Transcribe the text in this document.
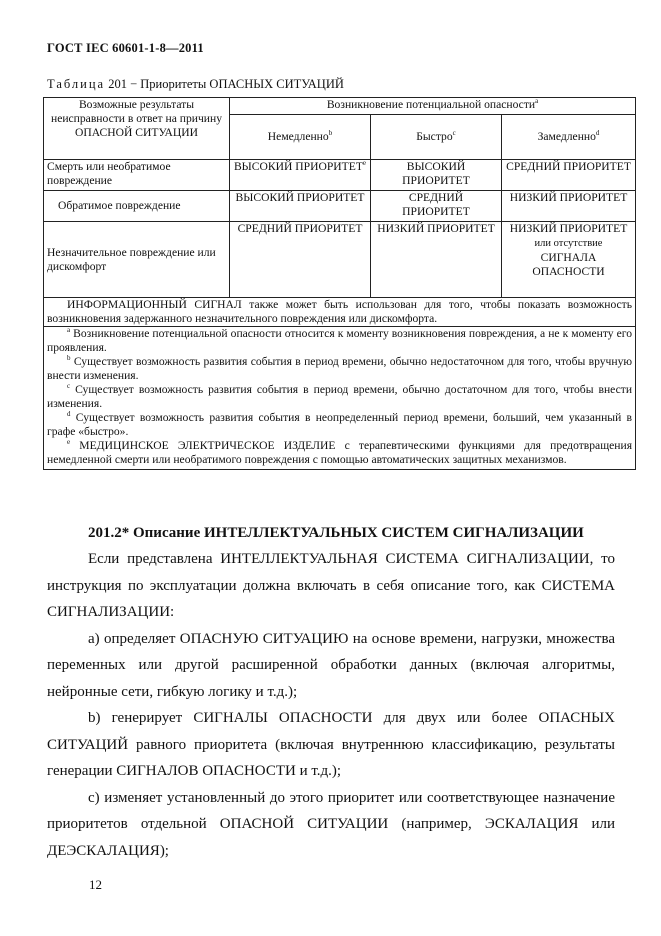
ГОСТ IEC 60601-1-8—2011
Таблица 201 − Приоритеты ОПАСНЫХ СИТУАЦИЙ
Возможные результаты неисправности в ответ на причину ОПАСНОЙ СИТУАЦИИ	Возникновение потенциальной опасности$^a$
	Немедленно$^b$	Быстро$^c$	Замедленно$^d$
Смерть или необратимое повреждение	ВЫСОКИЙ ПРИОРИТЕТ$^e$	ВЫСОКИЙ ПРИОРИТЕТ	СРЕДНИЙ ПРИОРИТЕТ
Обратимое повреждение	ВЫСОКИЙ ПРИОРИТЕТ	СРЕДНИЙ ПРИОРИТЕТ	НИЗКИЙ ПРИОРИТЕТ
Незначительное повреждение или дискомфорт	СРЕДНИЙ ПРИОРИТЕТ	НИЗКИЙ ПРИОРИТЕТ	НИЗКИЙ ПРИОРИТЕТ или отсутствие
СИГНАЛА ОПАСНОСТИ
ИНФОРМАЦИОННЫЙ СИГНАЛ также может быть использован для того, чтобы показать возможность возникновения задержанного незначительного повреждения или дискомфорта.			

$^a$ Возникновение потенциальной опасности относится к моменту возникновения повреждения, а не к моменту его проявления.
$^b$ Существует возможность развития события в период времени, обычно недостаточном для того, чтобы вручную внести изменения.
$^c$ Существует возможность развития события в период времени, обычно достаточном для того, чтобы внести изменения.
$^d$ Существует возможность развития события в неопределенный период времени, больший, чем указанный в графе «быстро».
$^e$ МЕДИЦИНСКОЕ ЭЛЕКТРИЧЕСКОЕ ИЗДЕЛИЕ с терапевтическими функциями для предотвращения немедленной смерти или необратимого повреждения с помощью автоматических защитных механизмов.			
201.2* Описание ИНТЕЛЛЕКТУАЛЬНЫХ СИСТЕМ СИГНАЛИЗАЦИИ

Если представлена ИНТЕЛЛЕКТУАЛЬНАЯ СИСТЕМА СИГНАЛИЗАЦИИ, то инструкция по эксплуатации должна включать в себя описание того, как СИСТЕМА СИГНАЛИЗАЦИИ:

a) определяет ОПАСНУЮ СИТУАЦИЮ на основе времени, нагрузки, множества переменных или другой расширенной обработки данных (включая алгоритмы, нейронные сети, гибкую логику и т.д.);

b) генерирует СИГНАЛЫ ОПАСНОСТИ для двух или более ОПАСНЫХ СИТУАЦИЙ равного приоритета (включая внутреннюю классификацию, результаты генерации СИГНАЛОВ ОПАСНОСТИ и т.д.);

c) изменяет установленный до этого приоритет или соответствующее назначение приоритетов отдельной ОПАСНОЙ СИТУАЦИИ (например, ЭСКАЛАЦИЯ или ДЕЭСКАЛАЦИЯ);

12
